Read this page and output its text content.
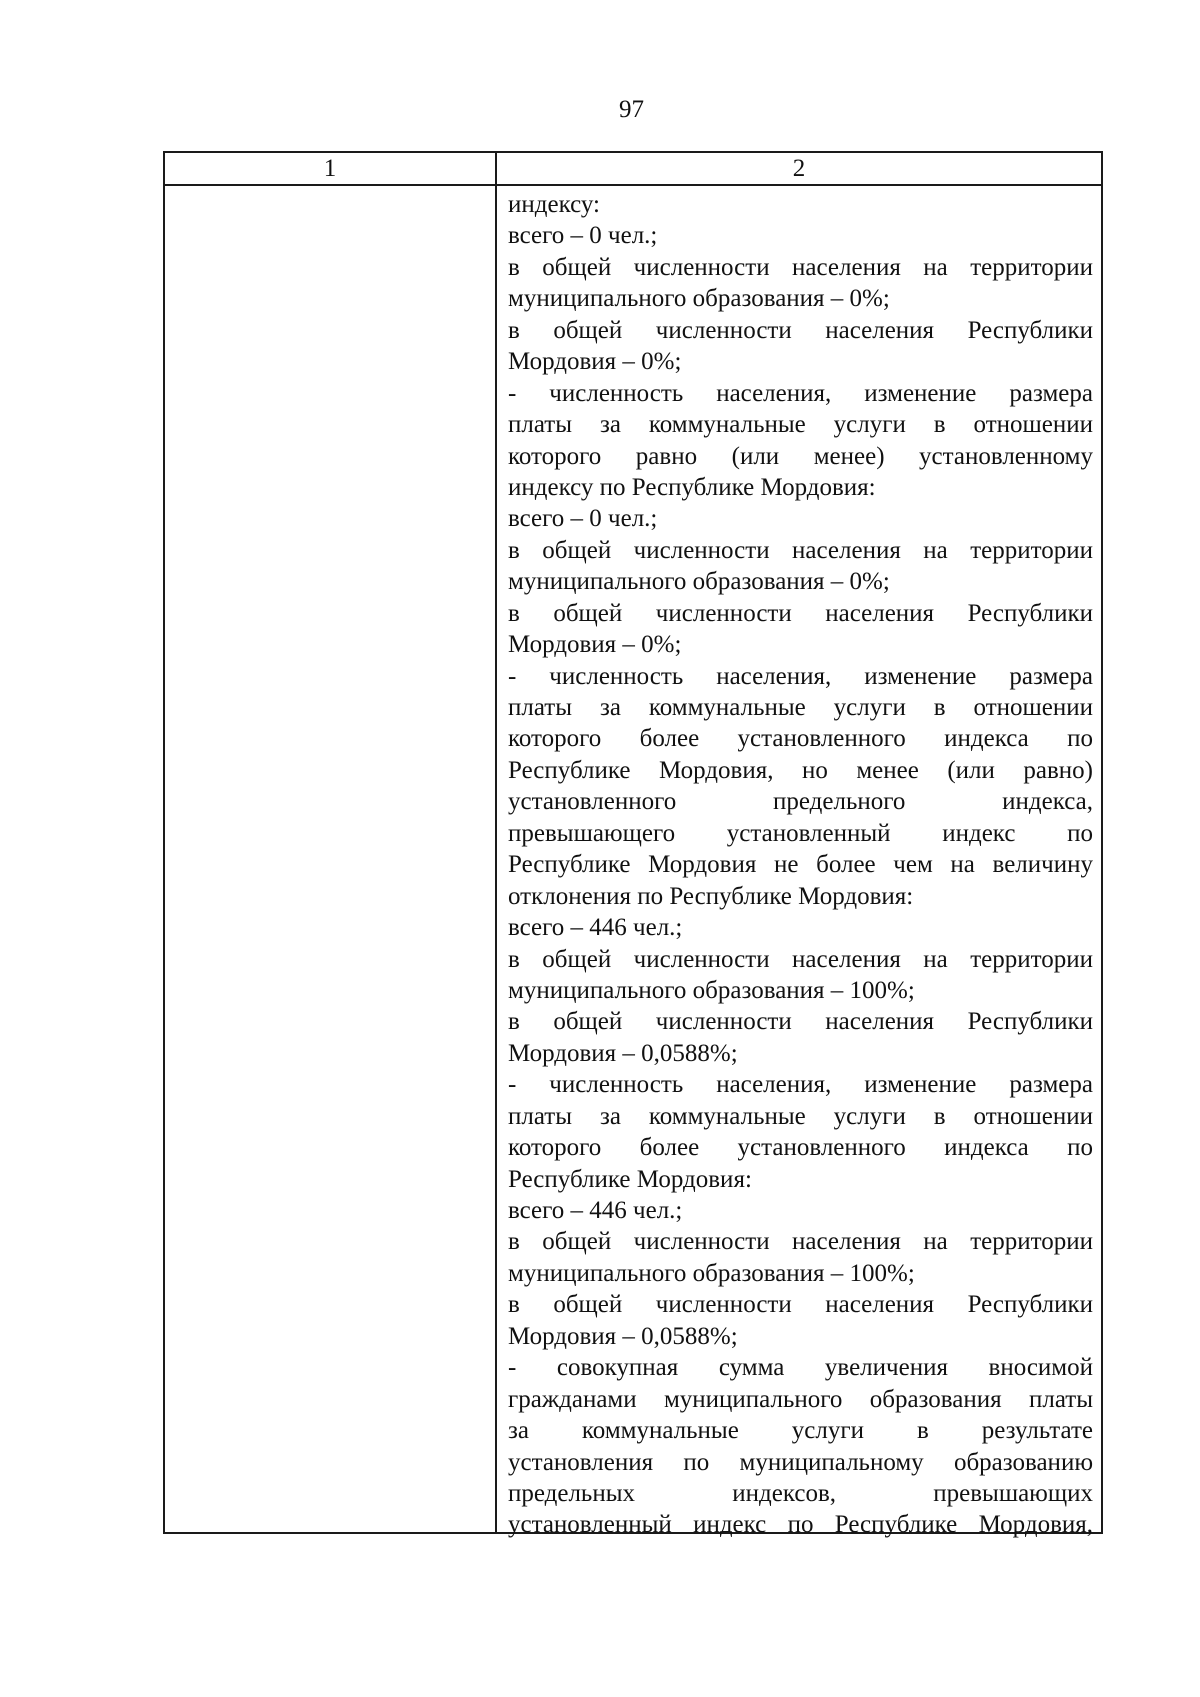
97
1	2
индексу:
всего – 0 чел.;
в общей численности населения на территории
муниципального образования – 0%;
в общей численности населения Республики
Мордовия – 0%;
- численность населения, изменение размера
платы за коммунальные услуги в отношении
которого равно (или менее) установленному
индексу по Республике Мордовия:
всего – 0 чел.;
в общей численности населения на территории
муниципального образования – 0%;
в общей численности населения Республики
Мордовия – 0%;
- численность населения, изменение размера
платы за коммунальные услуги в отношении
которого более установленного индекса по
Республике Мордовия, но менее (или равно)
установленного предельного индекса,
превышающего установленный индекс по
Республике Мордовия не более чем на величину
отклонения по Республике Мордовия:
всего – 446 чел.;
в общей численности населения на территории
муниципального образования – 100%;
в общей численности населения Республики
Мордовия – 0,0588%;
- численность населения, изменение размера
платы за коммунальные услуги в отношении
которого более установленного индекса по
Республике Мордовия:
всего – 446 чел.;
в общей численности населения на территории
муниципального образования – 100%;
в общей численности населения Республики
Мордовия – 0,0588%;
- совокупная сумма увеличения вносимой
гражданами муниципального образования платы
за коммунальные услуги в результате
установления по муниципальному образованию
предельных индексов, превышающих
установленный индекс по Республике Мордовия,
